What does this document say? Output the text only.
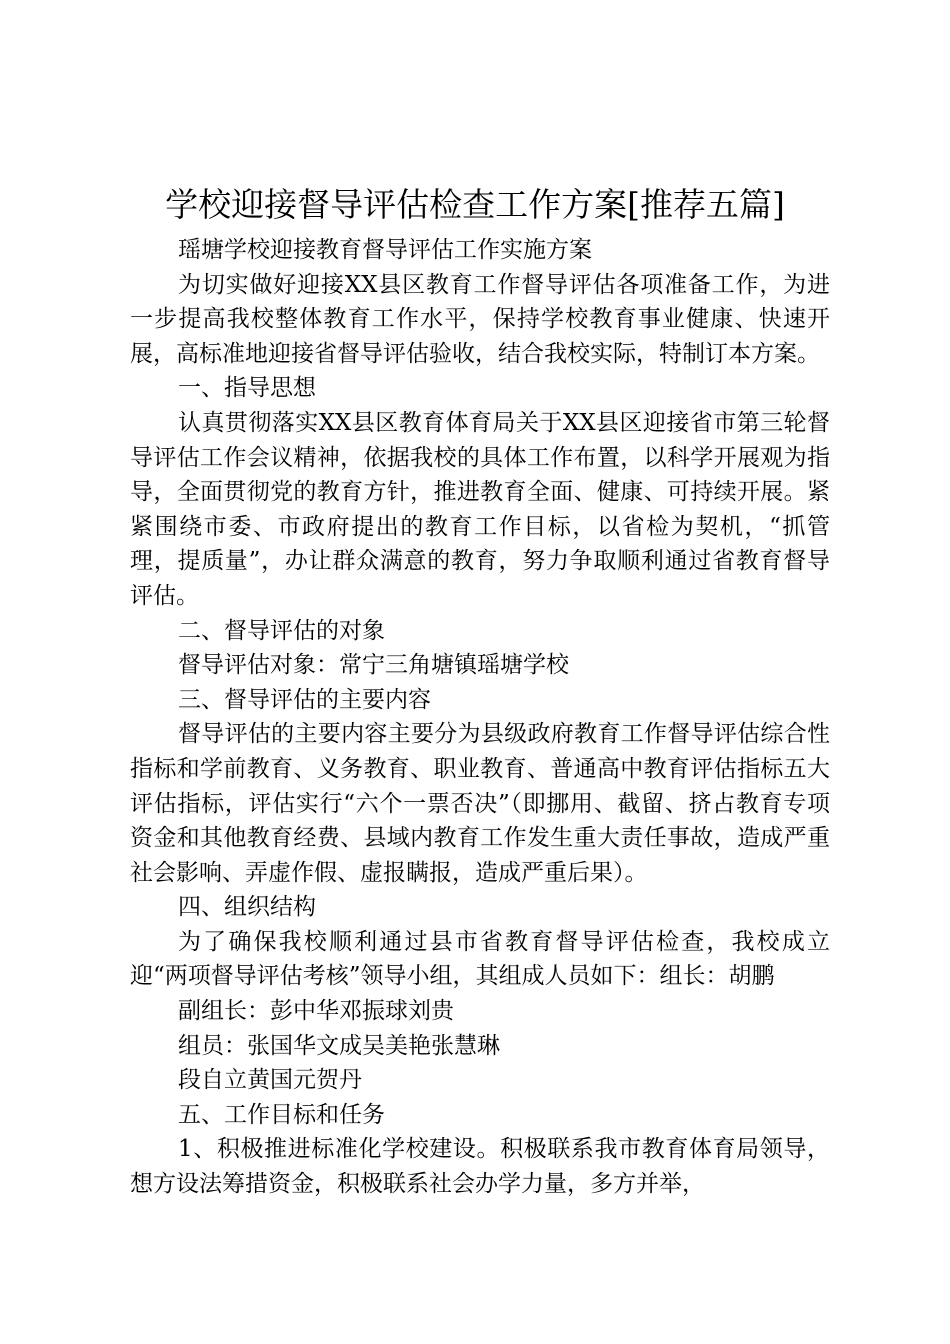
学校迎接督导评估检查工作方案[推荐五篇]

瑶塘学校迎接教育督导评估工作实施方案

为切实做好迎接XX县区教育工作督导评估各项准备工作，为进一步提高我校整体教育工作水平，保持学校教育事业健康、快速开展，高标准地迎接省督导评估验收，结合我校实际，特制订本方案。

一、指导思想

认真贯彻落实XX县区教育体育局关于XX县区迎接省市第三轮督导评估工作会议精神，依据我校的具体工作布置，以科学开展观为指导，全面贯彻党的教育方针，推进教育全面、健康、可持续开展。紧紧围绕市委、市政府提出的教育工作目标，以省检为契机，“抓管理，提质量”，办让群众满意的教育，努力争取顺利通过省教育督导评估。

二、督导评估的对象

督导评估对象：常宁三角塘镇瑶塘学校

三、督导评估的主要内容

督导评估的主要内容主要分为县级政府教育工作督导评估综合性指标和学前教育、义务教育、职业教育、普通高中教育评估指标五大评估指标，评估实行“六个一票否决”（即挪用、截留、挤占教育专项资金和其他教育经费、县域内教育工作发生重大责任事故，造成严重社会影响、弄虚作假、虚报瞒报，造成严重后果）。

四、组织结构

为了确保我校顺利通过县市省教育督导评估检查，我校成立迎“两项督导评估考核”领导小组，其组成人员如下：组长：胡鹏

副组长：彭中华邓振球刘贵

组员：张国华文成吴美艳张慧琳

段自立黄国元贺丹

五、工作目标和任务

1、积极推进标准化学校建设。积极联系我市教育体育局领导，想方设法筹措资金，积极联系社会办学力量，多方并举，
